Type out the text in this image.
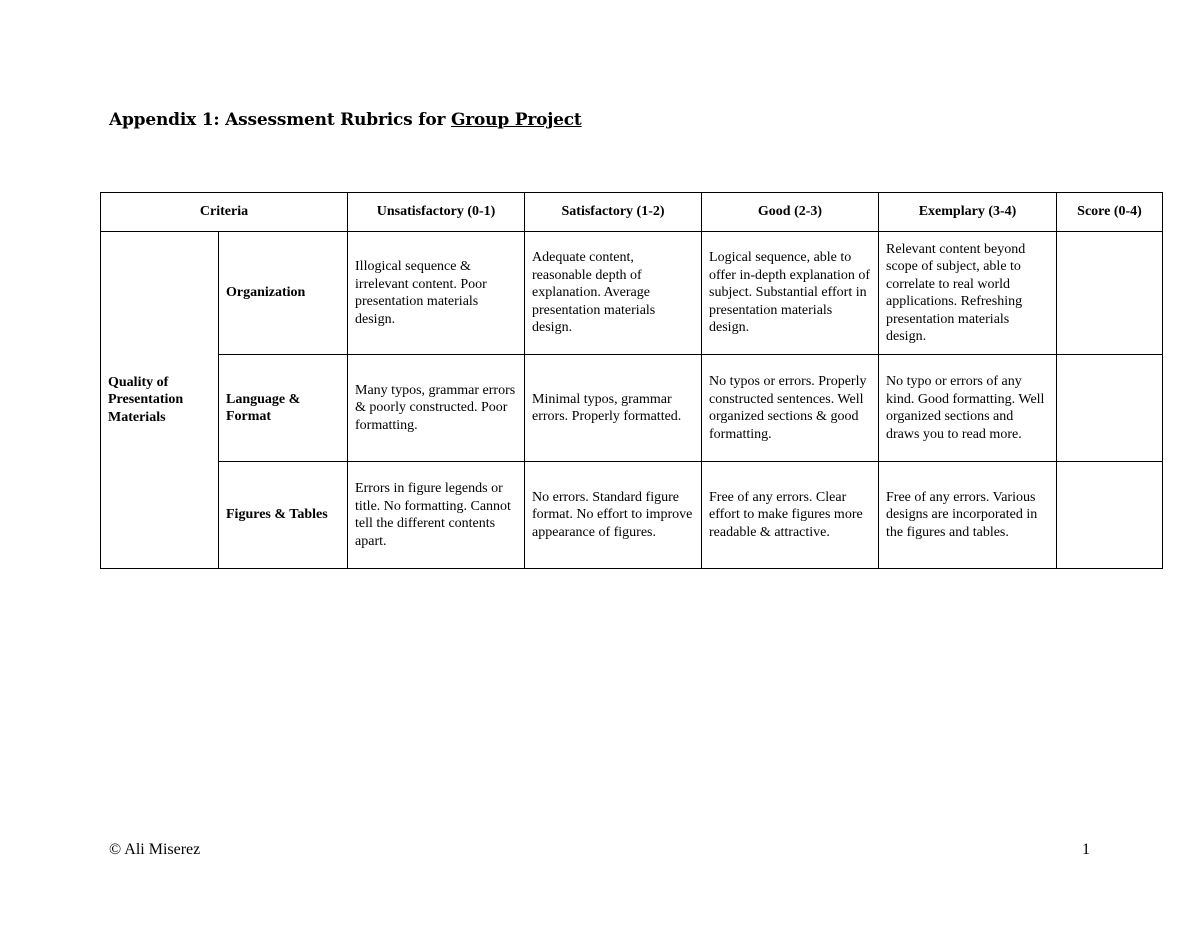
Appendix 1: Assessment Rubrics for Group Project
Criteria		Unsatisfactory (0-1)	Satisfactory (1-2)	Good (2-3)	Exemplary (3-4)	Score (0-4)
Quality of Presentation Materials	Organization	Illogical sequence & irrelevant content. Poor presentation materials design.	Adequate content, reasonable depth of explanation. Average presentation materials design.	Logical sequence, able to offer in-depth explanation of subject. Substantial effort in presentation materials design.	Relevant content beyond scope of subject, able to correlate to real world applications. Refreshing presentation materials design.	
	Language & Format	Many typos, grammar errors & poorly constructed. Poor formatting.	Minimal typos, grammar errors. Properly formatted.	No typos or errors. Properly constructed sentences. Well organized sections & good formatting.	No typo or errors of any kind. Good formatting. Well organized sections and draws you to read more.	
	Figures & Tables	Errors in figure legends or title. No formatting. Cannot tell the different contents apart.	No errors. Standard figure format. No effort to improve appearance of figures.	Free of any errors. Clear effort to make figures more readable & attractive.	Free of any errors. Various designs are incorporated in the figures and tables.	
© Ali Miserez	1
